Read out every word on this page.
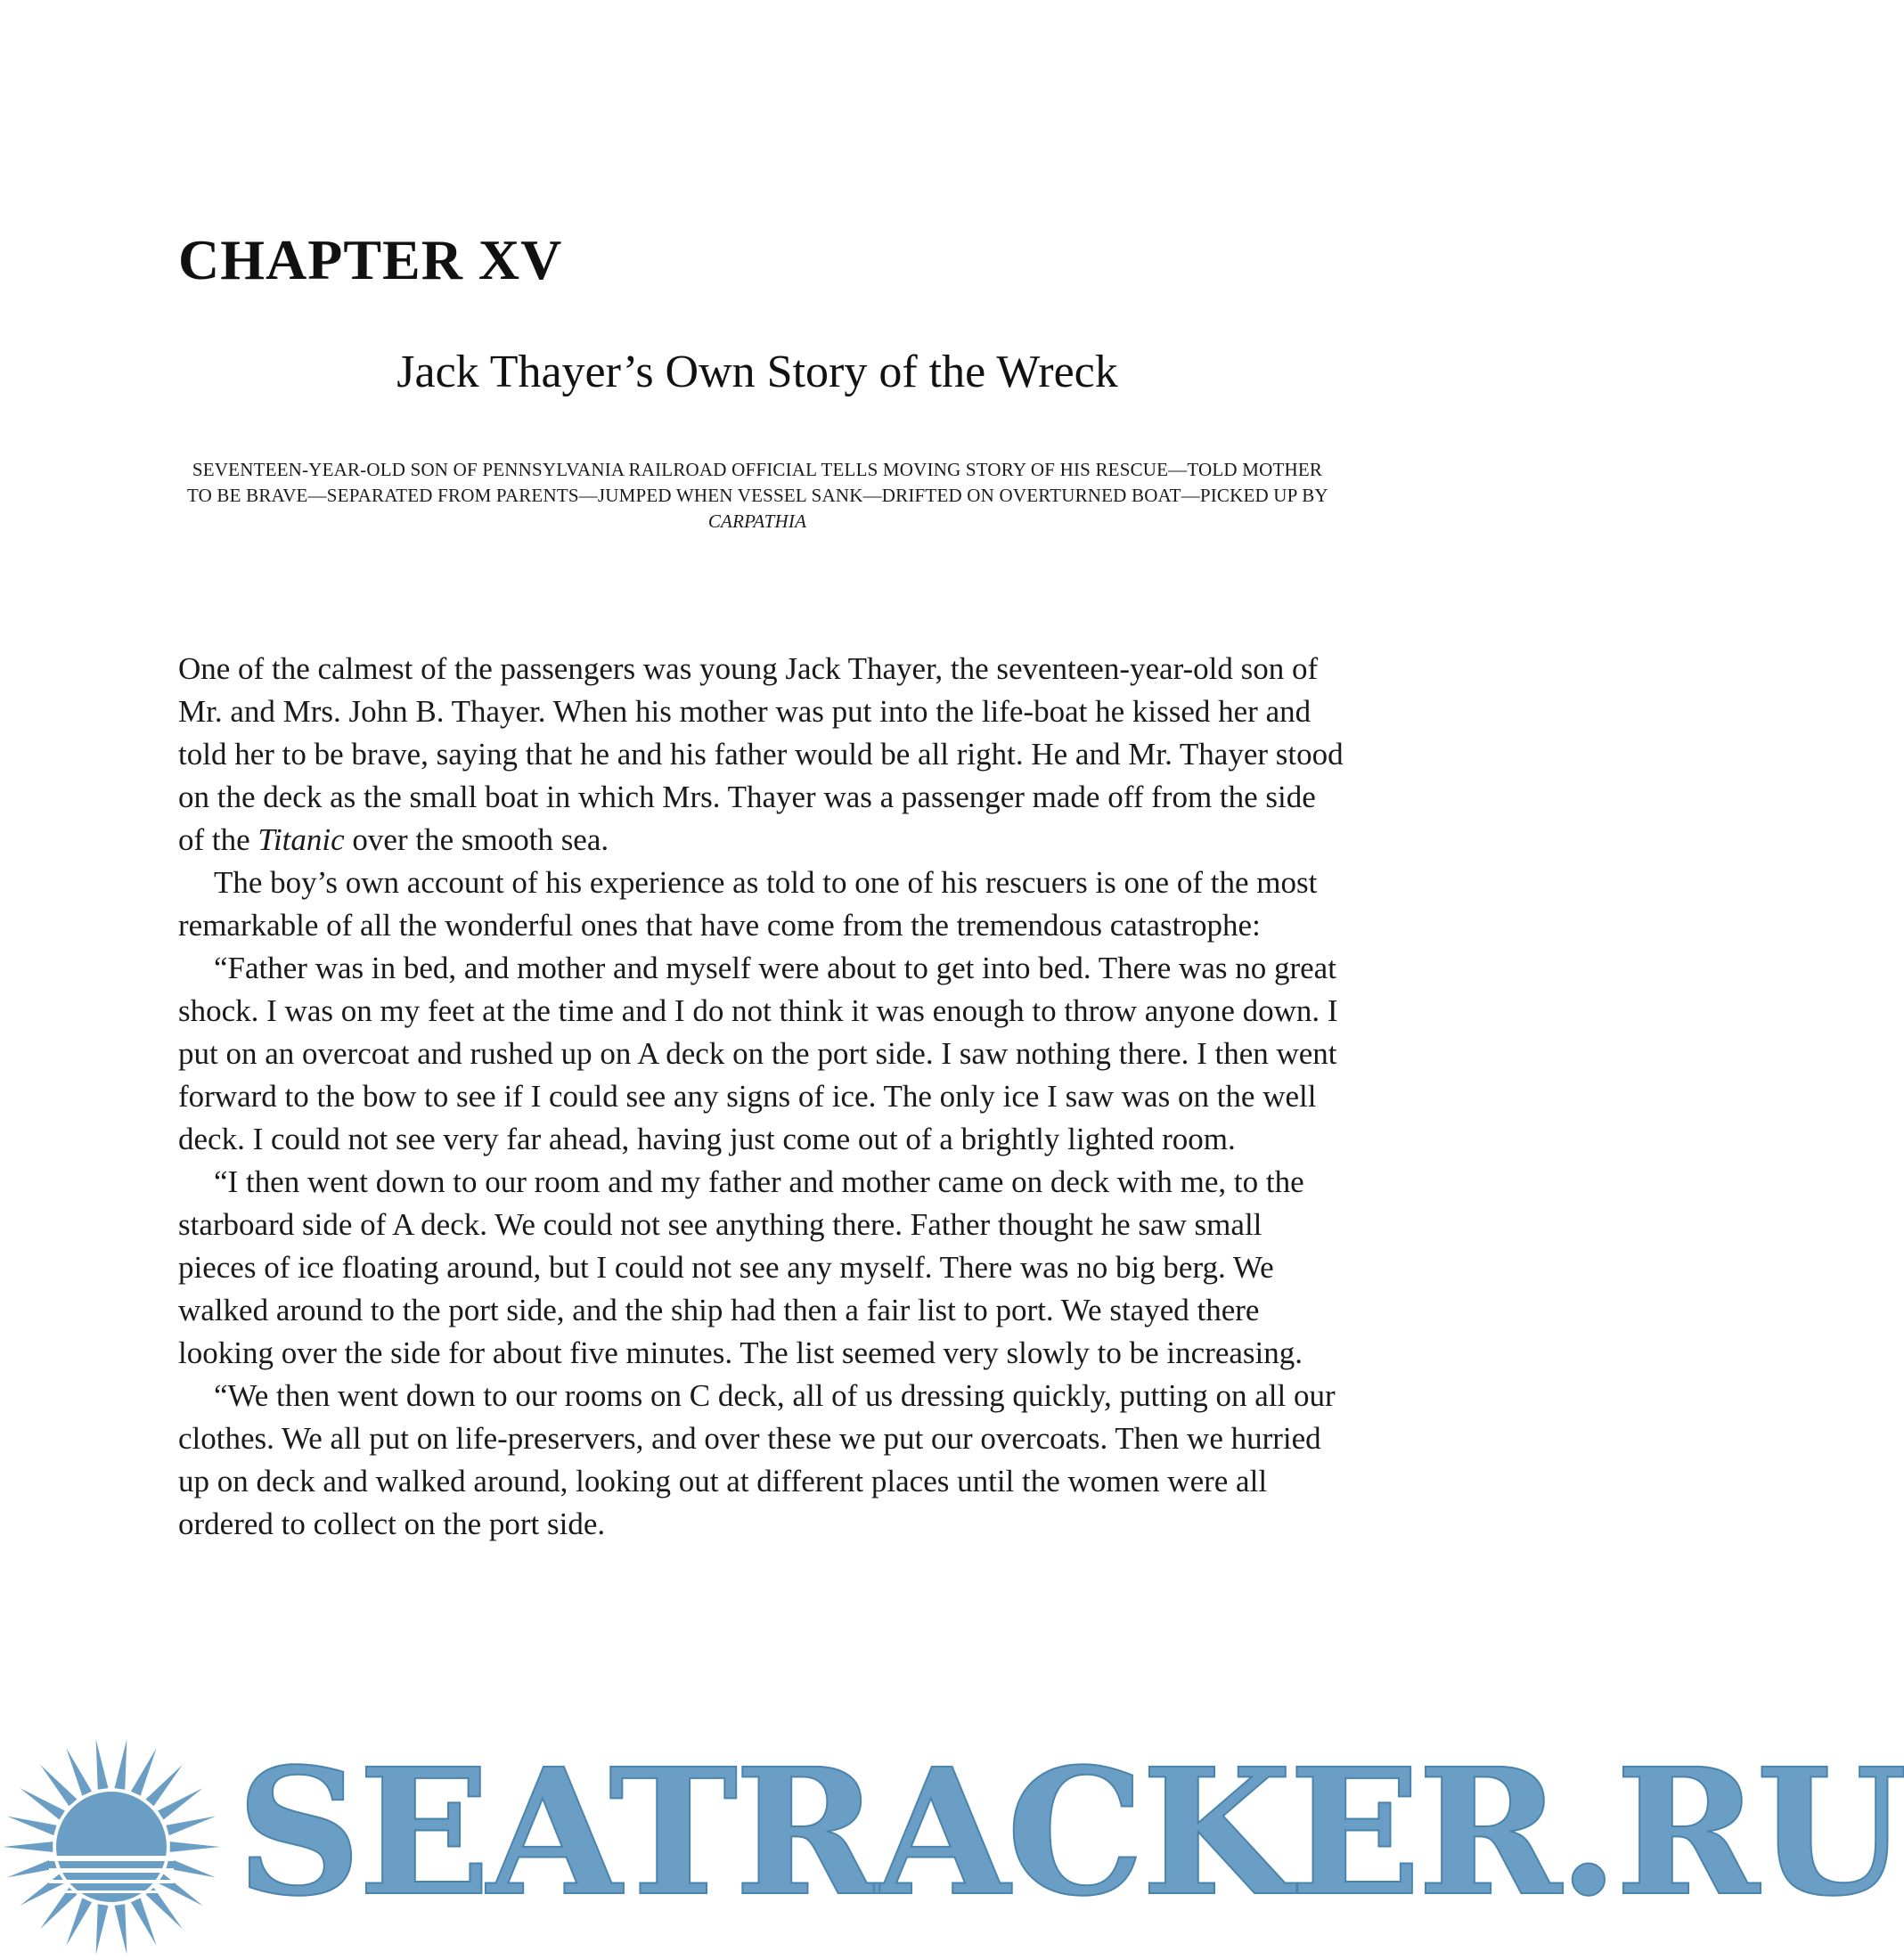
CHAPTER XV
Jack Thayer’s Own Story of the Wreck

SEVENTEEN-YEAR-OLD SON OF PENNSYLVANIA RAILROAD OFFICIAL TELLS MOVING STORY OF HIS RESCUE—TOLD MOTHER TO BE BRAVE—SEPARATED FROM PARENTS—JUMPED WHEN VESSEL SANK—DRIFTED ON OVERTURNED BOAT—PICKED UP BY CARPATHIA

One of the calmest of the passengers was young Jack Thayer, the seventeen-year-old son of Mr. and Mrs. John B. Thayer. When his mother was put into the life-boat he kissed her and told her to be brave, saying that he and his father would be all right. He and Mr. Thayer stood on the deck as the small boat in which Mrs. Thayer was a passenger made off from the side of the Titanic over the smooth sea.

The boy’s own account of his experience as told to one of his rescuers is one of the most remarkable of all the wonderful ones that have come from the tremendous catastrophe:

“Father was in bed, and mother and myself were about to get into bed. There was no great shock. I was on my feet at the time and I do not think it was enough to throw anyone down. I put on an overcoat and rushed up on A deck on the port side. I saw nothing there. I then went forward to the bow to see if I could see any signs of ice. The only ice I saw was on the well deck. I could not see very far ahead, having just come out of a brightly lighted room.

“I then went down to our room and my father and mother came on deck with me, to the starboard side of A deck. We could not see anything there. Father thought he saw small pieces of ice floating around, but I could not see any myself. There was no big berg. We walked around to the port side, and the ship had then a fair list to port. We stayed there looking over the side for about five minutes. The list seemed very slowly to be increasing.

“We then went down to our rooms on C deck, all of us dressing quickly, putting on all our clothes. We all put on life-preservers, and over these we put our overcoats. Then we hurried up on deck and walked around, looking out at different places until the women were all ordered to collect on the port side.

SEATRACKER.RU
